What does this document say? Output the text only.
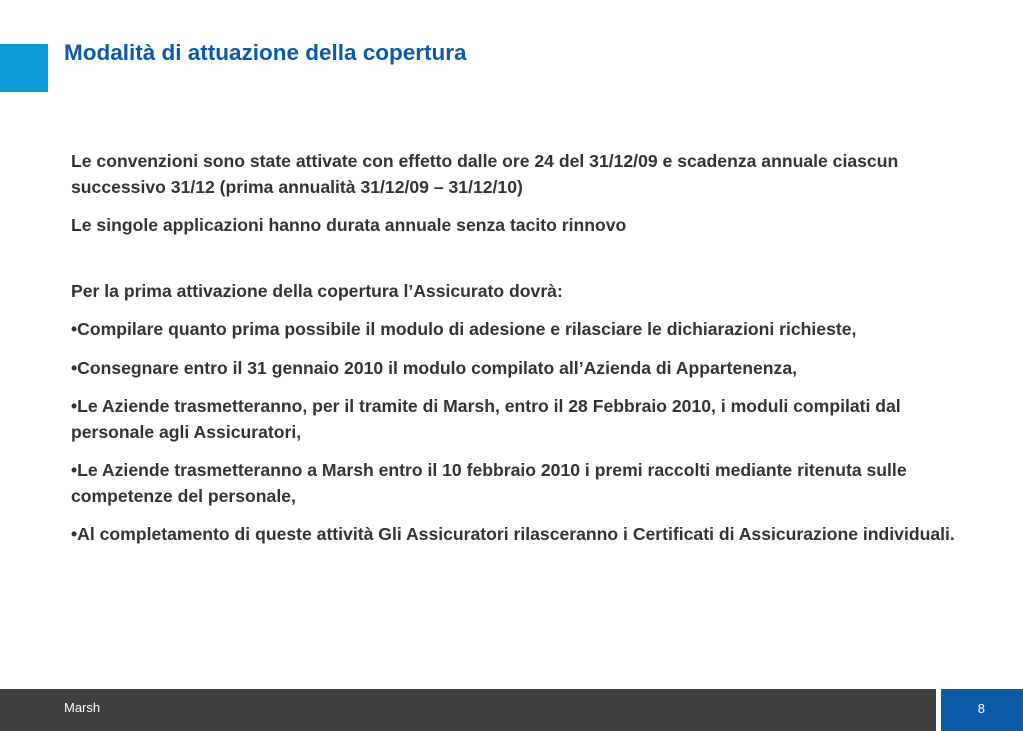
Modalità di attuazione della copertura

Le convenzioni sono state attivate con effetto dalle ore 24 del 31/12/09 e scadenza annuale ciascun successivo 31/12 (prima annualità 31/12/09 – 31/12/10)

Le singole applicazioni hanno durata annuale senza tacito rinnovo

Per la prima attivazione della copertura l’Assicurato dovrà:

•Compilare quanto prima possibile il modulo di adesione e rilasciare le dichiarazioni richieste,

•Consegnare entro il 31 gennaio 2010 il modulo compilato all’Azienda di Appartenenza,

•Le Aziende trasmetteranno, per il tramite di Marsh, entro il 28 Febbraio 2010, i moduli compilati dal personale agli Assicuratori,

•Le Aziende trasmetteranno a Marsh entro il 10 febbraio 2010 i premi raccolti mediante ritenuta sulle competenze del personale,

•Al completamento di queste attività Gli Assicuratori rilasceranno i Certificati di Assicurazione individuali.

Marsh	8
